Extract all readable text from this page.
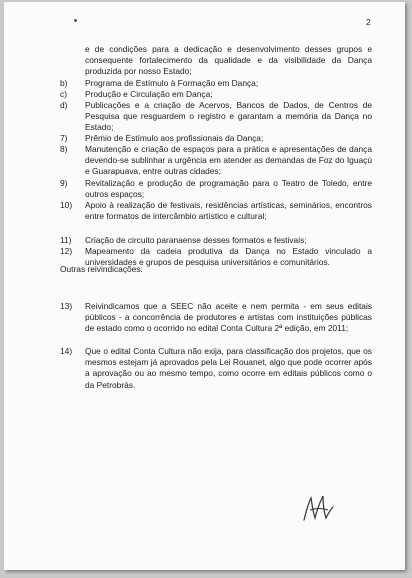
2
e de condições para a dedicação e desenvolvimento desses grupos e consequente fortalecimento da qualidade e da visibilidade da Dança produzida por nosso Estado;
b) Programa de Estímulo à Formação em Dança;
c) Produção e Circulação em Dança;
d) Publicações e a criação de Acervos, Bancos de Dados, de Centros de Pesquisa que resguardem o registro e garantam a memória da Dança no Estado;
7) Prêmio de Estímulo aos profissionais da Dança;
8) Manutenção e criação de espaços para a prática e apresentações de dança devendo-se sublinhar a urgência em atender as demandas de Foz do Iguaçú e Guarapuava, entre outras cidades;
9) Revitalização e produção de programação para o Teatro de Toledo, entre outros espaços;
10) Apoio à realização de festivais, residências artísticas, seminários, encontros entre formatos de intercâmbio artístico e cultural;
11) Criação de circuito paranaense desses formatos e festivais;
12) Mapeamento da cadeia produtiva da Dança no Estado vinculado a universidades e grupos de pesquisa universitários e comunitários.
Outras reivindicações:
13) Reivindicamos que a SEEC não aceite e nem permita - em seus editais públicos - a concorrência de produtores e artistas com instituições públicas de estado como o ocorrido no edital Conta Cultura 2ª edição, em 2011;
14) Que o edital Conta Cultura não exija, para classificação dos projetos, que os mesmos estejam já aprovados pela Lei Rouanet, algo que pode ocorrer após a aprovação ou ao mesmo tempo, como ocorre em editais públicos como o da Petrobrás.
